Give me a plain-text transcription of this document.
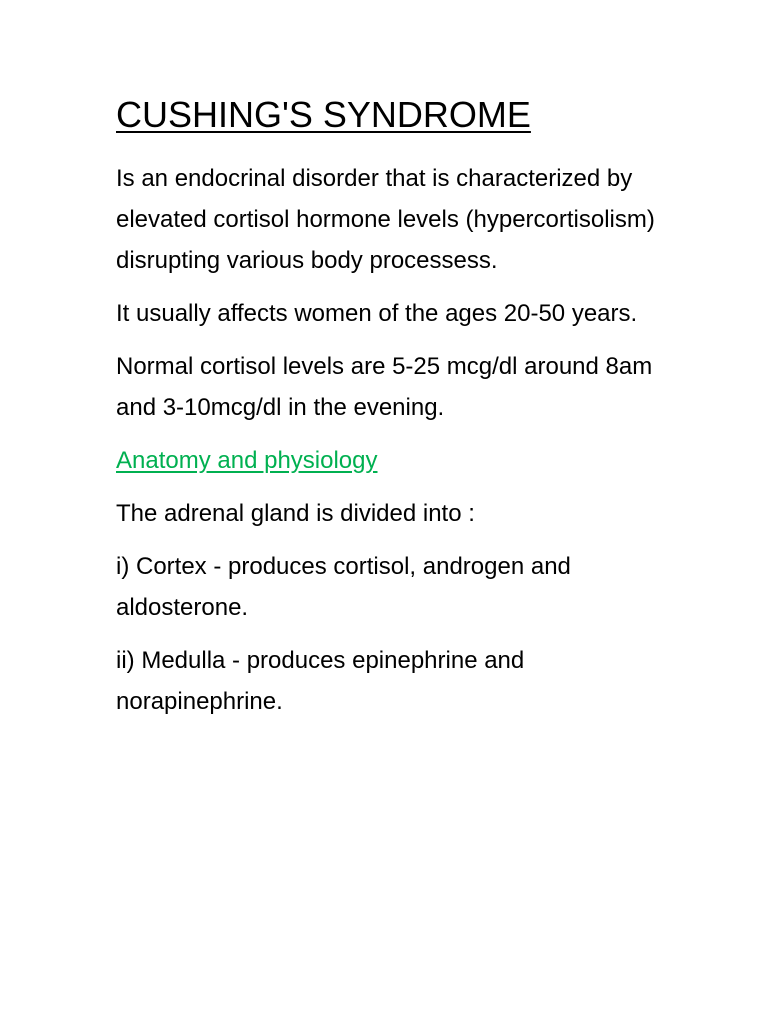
CUSHING'S SYNDROME

Is an endocrinal disorder that is characterized by elevated cortisol hormone levels (hypercortisolism) disrupting various body processess.

It usually affects women of the ages 20-50 years.

Normal cortisol levels are 5-25 mcg/dl around 8am and 3-10mcg/dl in the evening.

Anatomy and physiology

The adrenal gland is divided into :

i) Cortex - produces cortisol, androgen and aldosterone.

ii) Medulla - produces epinephrine and norapinephrine.
